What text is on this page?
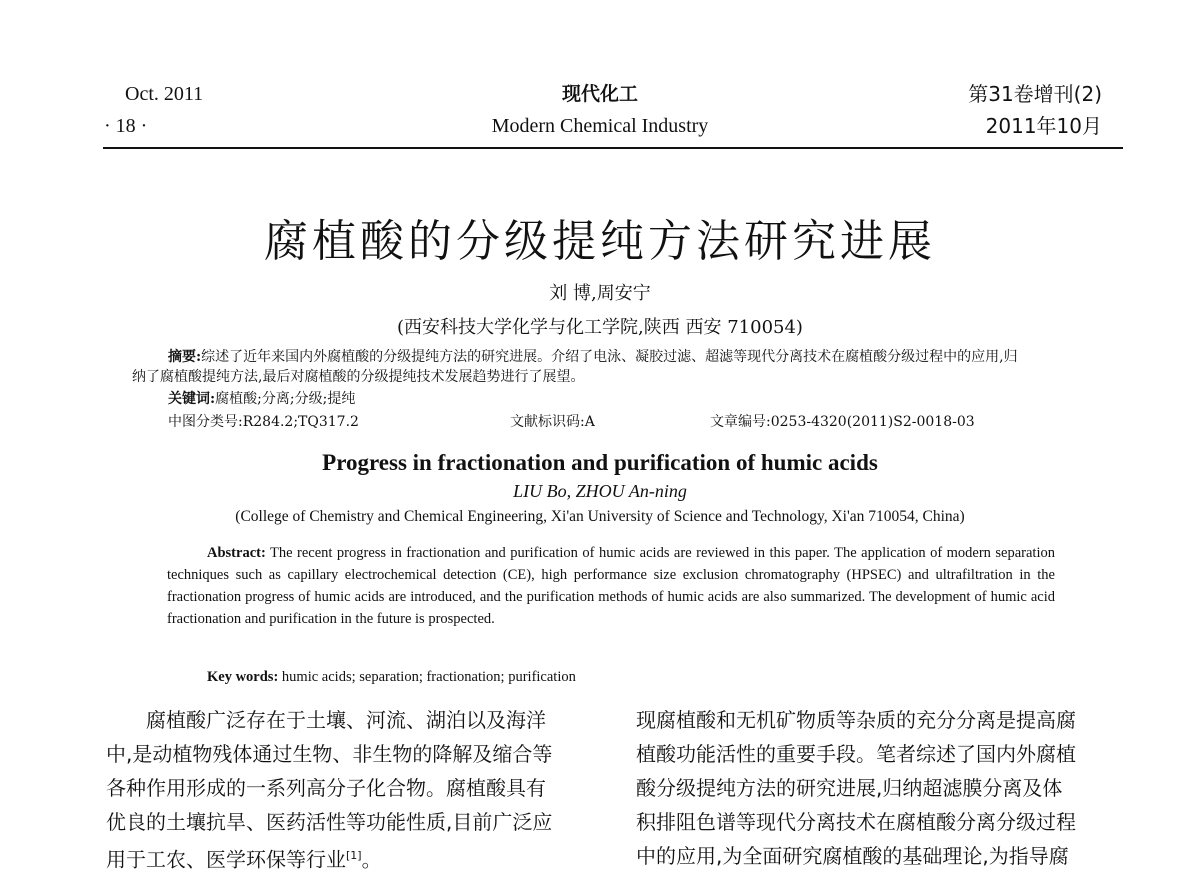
Oct. 2011
· 18 ·
现代化工
Modern Chemical Industry
第31卷增刊(2)
2011年10月
腐植酸的分级提纯方法研究进展
刘 博,周安宁
(西安科技大学化学与化工学院,陕西 西安 710054)
摘要:综述了近年来国内外腐植酸的分级提纯方法的研究进展。介绍了电泳、凝胶过滤、超滤等现代分离技术在腐植酸分级过程中的应用,归纳了腐植酸提纯方法,最后对腐植酸的分级提纯技术发展趋势进行了展望。
关键词:腐植酸;分离;分级;提纯
中图分类号:R284.2;TQ317.2	文献标识码:A	文章编号:0253-4320(2011)S2-0018-03
Progress in fractionation and purification of humic acids
LIU Bo, ZHOU An-ning
(College of Chemistry and Chemical Engineering, Xi'an University of Science and Technology, Xi'an 710054, China)
Abstract: The recent progress in fractionation and purification of humic acids are reviewed in this paper. The application of modern separation techniques such as capillary electrochemical detection (CE), high performance size exclusion chromatography (HPSEC) and ultrafiltration in the fractionation progress of humic acids are introduced, and the purification methods of humic acids are also summarized. The development of humic acid fractionation and purification in the future is prospected.
Key words: humic acids; separation; fractionation; purification
腐植酸广泛存在于土壤、河流、湖泊以及海洋
中,是动植物残体通过生物、非生物的降解及缩合等
各种作用形成的一系列高分子化合物。腐植酸具有
优良的土壤抗旱、医药活性等功能性质,目前广泛应
用于工农、医学环保等行业[1]。
现腐植酸和无机矿物质等杂质的充分分离是提高腐
植酸功能活性的重要手段。笔者综述了国内外腐植
酸分级提纯方法的研究进展,归纳超滤膜分离及体
积排阻色谱等现代分离技术在腐植酸分离分级过程
中的应用,为全面研究腐植酸的基础理论,为指导腐
